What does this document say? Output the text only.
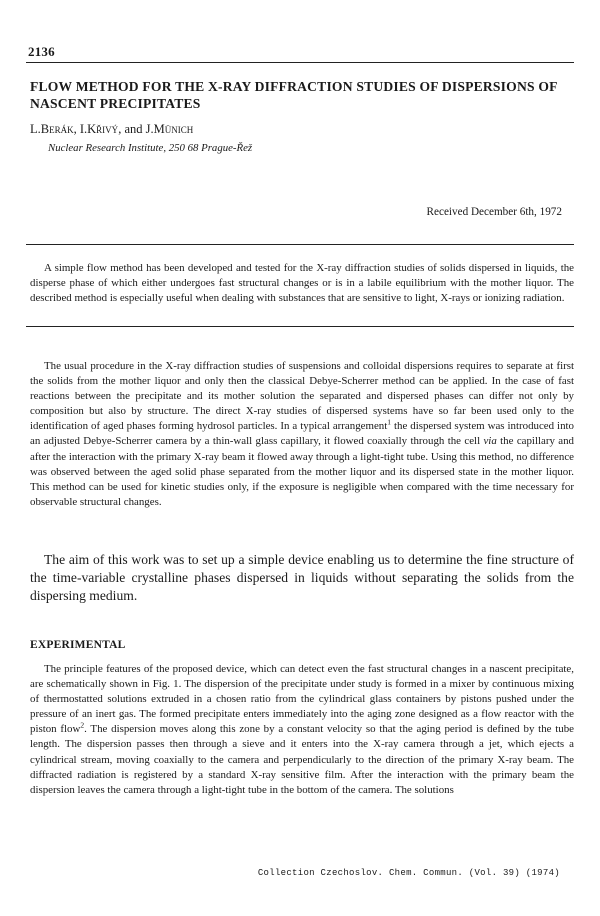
2136
FLOW METHOD FOR THE X-RAY DIFFRACTION STUDIES OF DISPERSIONS OF NASCENT PRECIPITATES
L.Berák, I.Křivý, and J.Münich
Nuclear Research Institute, 250 68 Prague-Řež
Received December 6th, 1972

A simple flow method has been developed and tested for the X-ray diffraction studies of solids dispersed in liquids, the disperse phase of which either undergoes fast structural changes or is in a labile equilibrium with the mother liquor. The described method is especially useful when dealing with substances that are sensitive to light, X-rays or ionizing radiation.

The usual procedure in the X-ray diffraction studies of suspensions and colloidal dispersions requires to separate at first the solids from the mother liquor and only then the classical Debye-Scherrer method can be applied. In the case of fast reactions between the precipitate and its mother solution the separated and dispersed phases can differ not only by composition but also by structure. The direct X-ray studies of dispersed systems have so far been used only to the identification of aged phases forming hydrosol particles. In a typical arrangement$^1$ the dispersed system was introduced into an adjusted Debye-Scherrer camera by a thin-wall glass capillary, it flowed coaxially through the cell via the capillary and after the interaction with the primary X-ray beam it flowed away through a light-tight tube. Using this method, no difference was observed between the aged solid phase separated from the mother liquor and its dispersed state in the mother liquor. This method can be used for kinetic studies only, if the exposure is negligible when compared with the time necessary for observable structural changes.

The aim of this work was to set up a simple device enabling us to determine the fine structure of the time-variable crystalline phases dispersed in liquids without separating the solids from the dispersing medium.

EXPERIMENTAL

The principle features of the proposed device, which can detect even the fast structural changes in a nascent precipitate, are schematically shown in Fig. 1. The dispersion of the precipitate under study is formed in a mixer by continuous mixing of thermostatted solutions extruded in a chosen ratio from the cylindrical glass containers by pistons pushed under the pressure of an inert gas. The formed precipitate enters immediately into the aging zone designed as a flow reactor with the piston flow$^2$. The dispersion moves along this zone by a constant velocity so that the aging period is defined by the tube length. The dispersion passes then through a sieve and it enters into the X-ray camera through a jet, which ejects a cylindrical stream, moving coaxially to the camera and perpendicularly to the direction of the primary X-ray beam. The diffracted radiation is registered by a standard X-ray sensitive film. After the interaction with the primary beam the dispersion leaves the camera through a light-tight tube in the bottom of the camera. The solutions

Collection Czechoslov. Chem. Commun. (Vol. 39) (1974)
